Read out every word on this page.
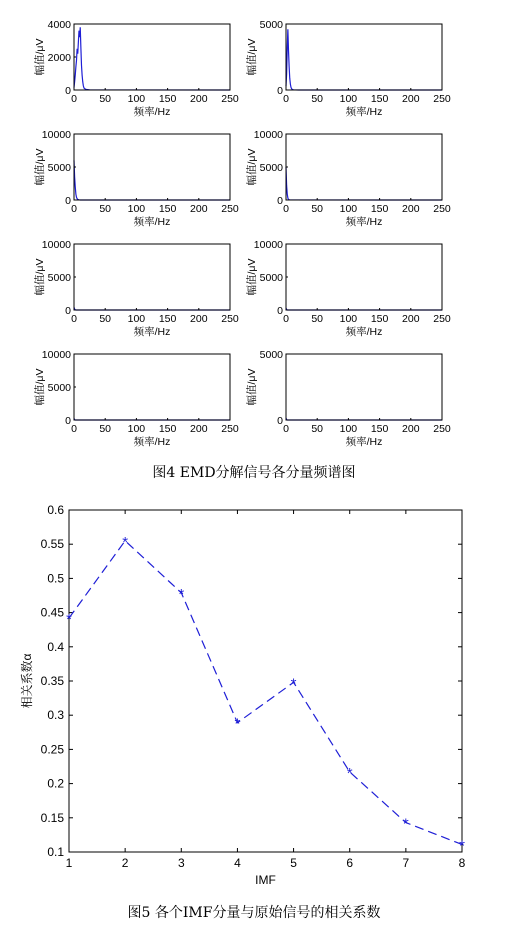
0 50 100 150 200 250
0
2000
4000
频率/Hz
幅值/μV
0 50 100 150 200 250
0
5000
频率/Hz
幅值/μV
0 50 100 150 200 250
0
5000
10000
频率/Hz
幅值/μV
0 50 100 150 200 250
0
5000
10000
频率/Hz
幅值/μV
0 50 100 150 200 250
0
5000
10000
频率/Hz
幅值/μV
0 50 100 150 200 250
0
5000
10000
频率/Hz
幅值/μV
0 50 100 150 200 250
0
5000
10000
频率/Hz
幅值/μV
0 50 100 150 200 250
0
5000
频率/Hz
幅值/μV
图4 EMD分解信号各分量频谱图
1	2	3	4	5	6	7	8
0.1
0.15
0.2
0.25
0.3
0.35
0.4
0.45
0.5
0.55
0.6
*
*
*
*
*
*
*
*
IMF
相关系数α
图5 各个IMF分量与原始信号的相关系数
